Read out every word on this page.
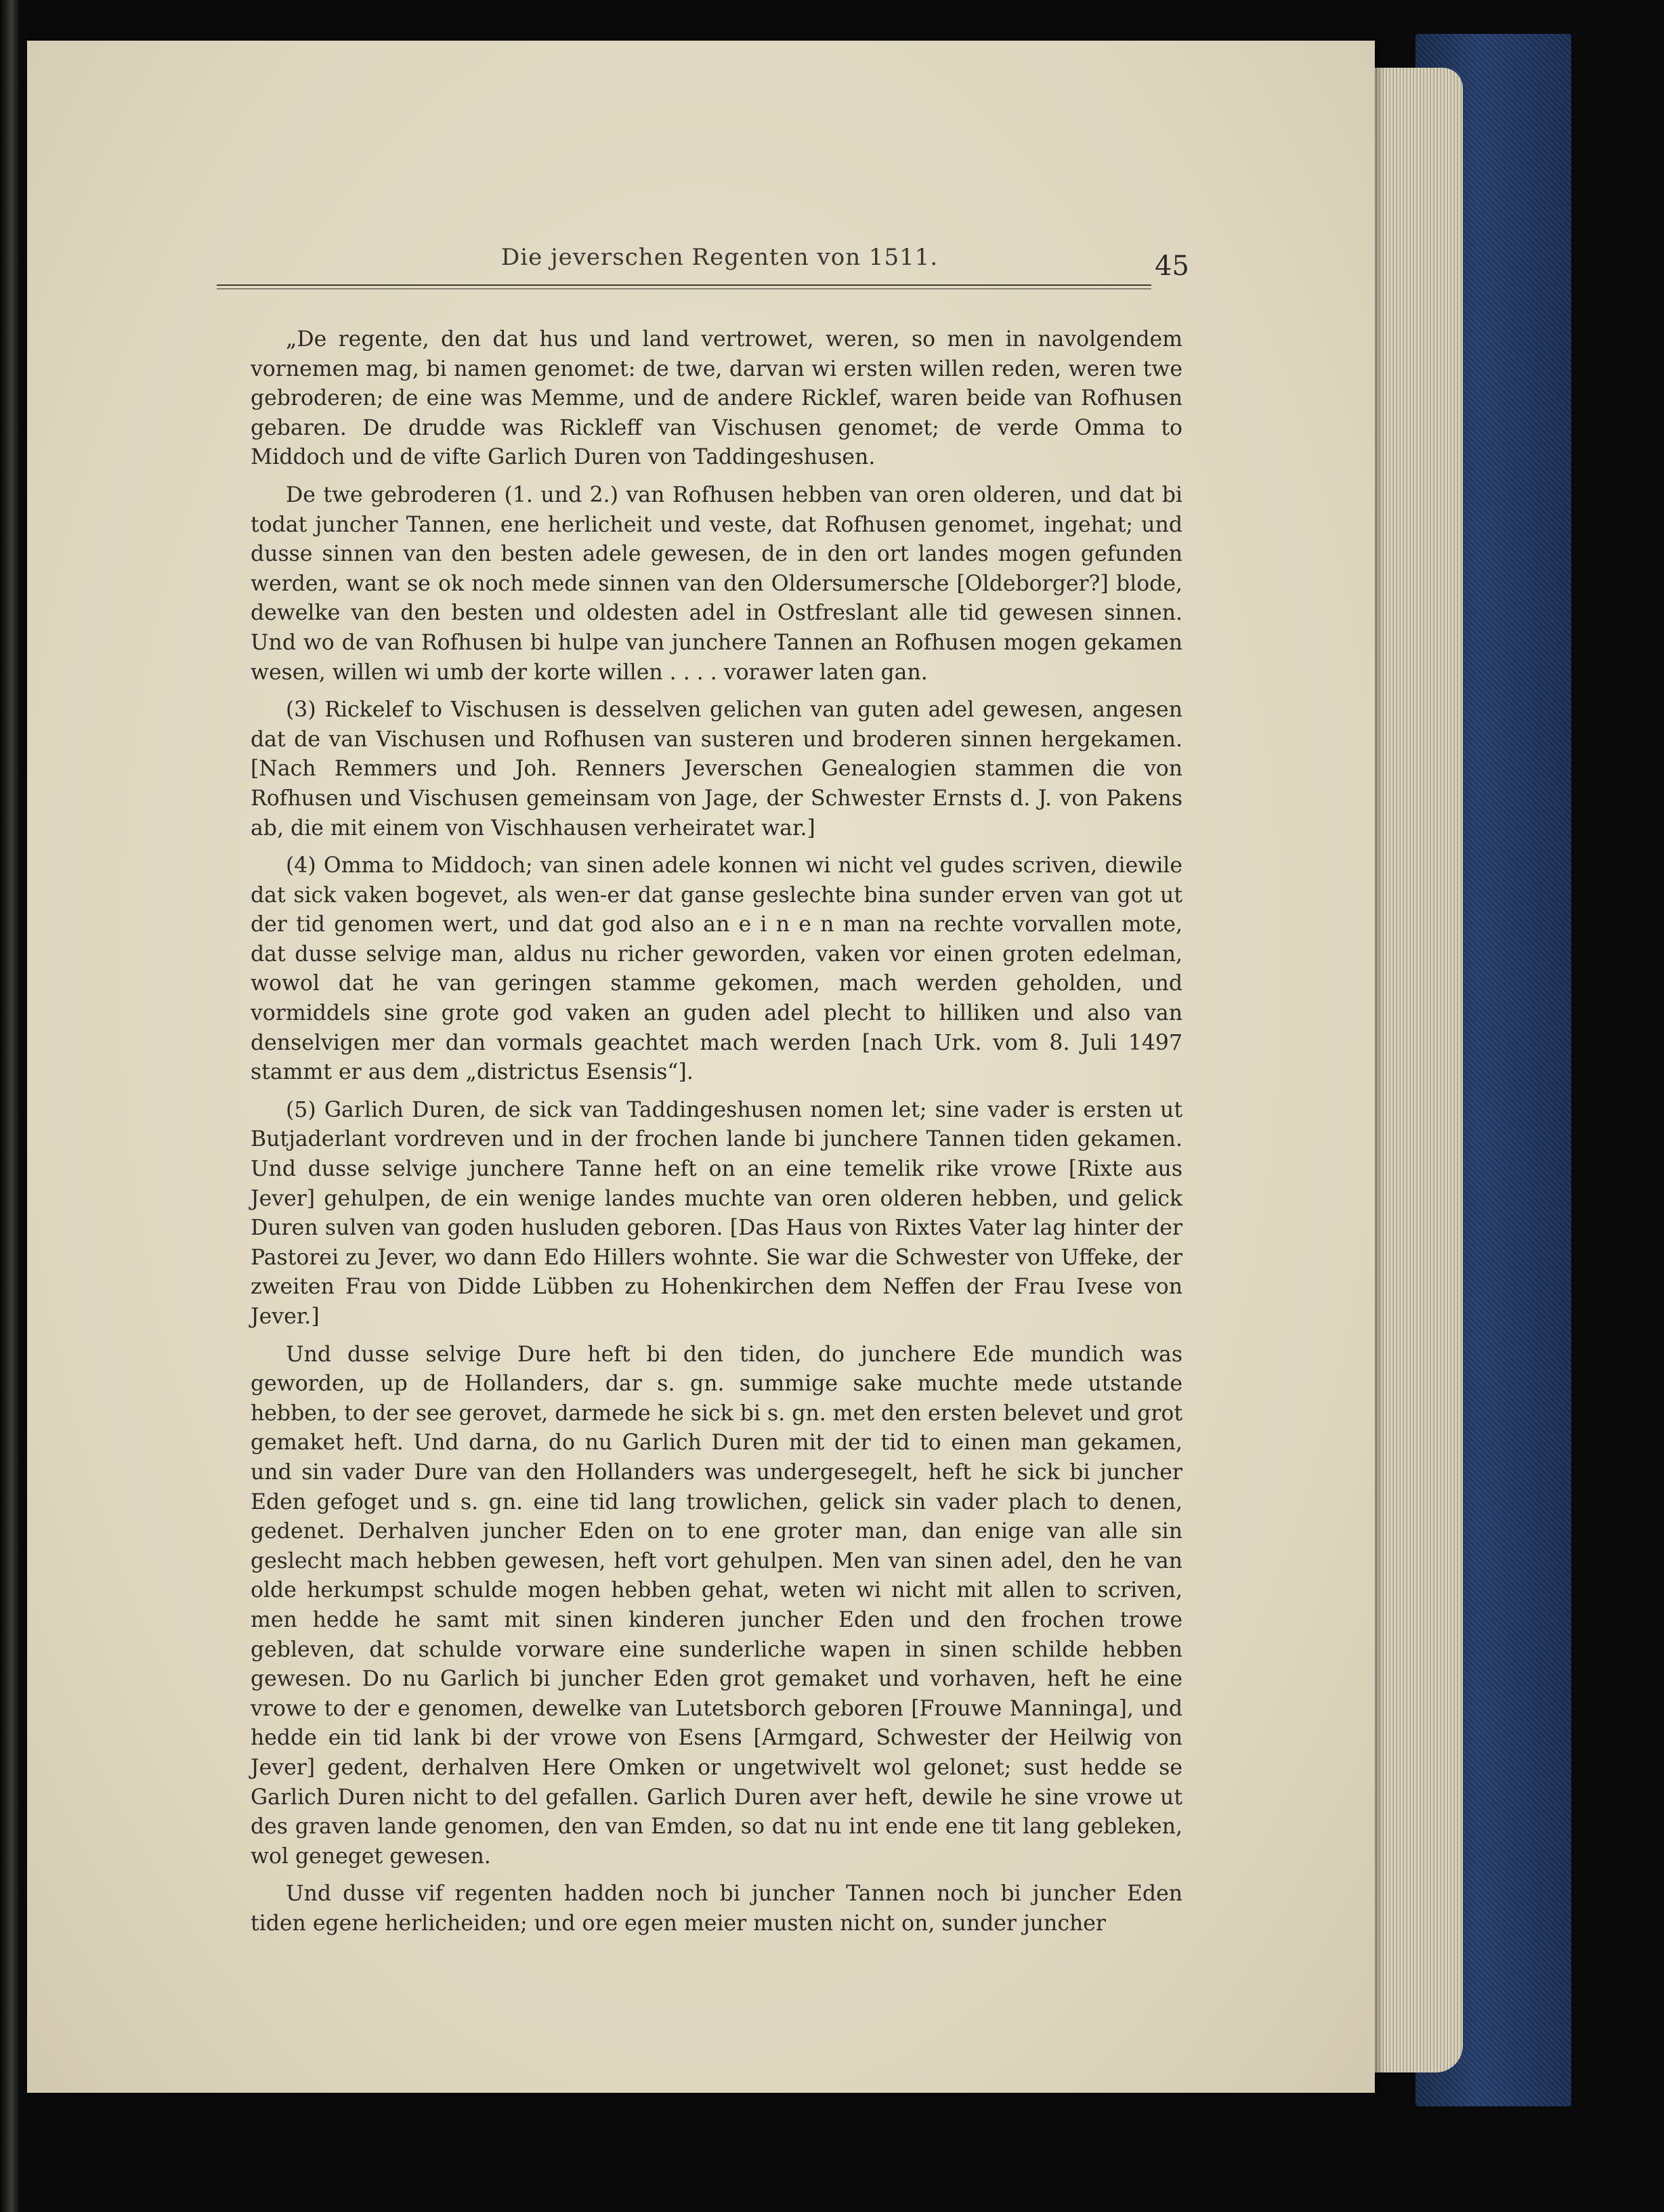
Die jeverschen Regenten von 1511.	45

„De regente, den dat hus und land vertrowet, weren, so men in navolgendem vornemen mag, bi namen genomet: de twe, darvan wi ersten willen reden, weren twe gebroderen; de eine was Memme, und de andere Ricklef, waren beide van Rofhusen gebaren. De drudde was Rickleff van Vischusen genomet; de verde Omma to Middoch und de vifte Garlich Duren von Taddingeshusen.

De twe gebroderen (1. und 2.) van Rofhusen hebben van oren olderen, und dat bi todat juncher Tannen, ene herlicheit und veste, dat Rofhusen genomet, ingehat; und dusse sinnen van den besten adele gewesen, de in den ort landes mogen gefunden werden, want se ok noch mede sinnen van den Oldersumersche [Oldeborger?] blode, dewelke van den besten und oldesten adel in Ostfreslant alle tid gewesen sinnen. Und wo de van Rofhusen bi hulpe van junchere Tannen an Rofhusen mogen gekamen wesen, willen wi umb der korte willen . . . . vorawer laten gan.

(3) Rickelef to Vischusen is desselven gelichen van guten adel gewesen, angesen dat de van Vischusen und Rofhusen van susteren und broderen sinnen hergekamen. [Nach Remmers und Joh. Renners Jeverschen Genealogien stammen die von Rofhusen und Vischusen gemeinsam von Jage, der Schwester Ernsts d. J. von Pakens ab, die mit einem von Vischhausen verheiratet war.]

(4) Omma to Middoch; van sinen adele konnen wi nicht vel gudes scriven, diewile dat sick vaken bogevet, als wen-er dat ganse geslechte bina sunder erven van got ut der tid genomen wert, und dat god also an e i n e n man na rechte vorvallen mote, dat dusse selvige man, aldus nu richer geworden, vaken vor einen groten edelman, wowol dat he van geringen stamme gekomen, mach werden geholden, und vormiddels sine grote god vaken an guden adel plecht to hilliken und also van denselvigen mer dan vormals geachtet mach werden [nach Urk. vom 8. Juli 1497 stammt er aus dem „districtus Esensis“].

(5) Garlich Duren, de sick van Taddingeshusen nomen let; sine vader is ersten ut Butjaderlant vordreven und in der frochen lande bi junchere Tannen tiden gekamen. Und dusse selvige junchere Tanne heft on an eine temelik rike vrowe [Rixte aus Jever] gehulpen, de ein wenige landes muchte van oren olderen hebben, und gelick Duren sulven van goden husluden geboren. [Das Haus von Rixtes Vater lag hinter der Pastorei zu Jever, wo dann Edo Hillers wohnte. Sie war die Schwester von Uffeke, der zweiten Frau von Didde Lübben zu Hohenkirchen dem Neffen der Frau Ivese von Jever.]

Und dusse selvige Dure heft bi den tiden, do junchere Ede mundich was geworden, up de Hollanders, dar s. gn. summige sake muchte mede utstande hebben, to der see gerovet, darmede he sick bi s. gn. met den ersten belevet und grot gemaket heft. Und darna, do nu Garlich Duren mit der tid to einen man gekamen, und sin vader Dure van den Hollanders was undergesegelt, heft he sick bi juncher Eden gefoget und s. gn. eine tid lang trowlichen, gelick sin vader plach to denen, gedenet. Derhalven juncher Eden on to ene groter man, dan enige van alle sin geslecht mach hebben gewesen, heft vort gehulpen. Men van sinen adel, den he van olde herkumpst schulde mogen hebben gehat, weten wi nicht mit allen to scriven, men hedde he samt mit sinen kinderen juncher Eden und den frochen trowe gebleven, dat schulde vorware eine sunderliche wapen in sinen schilde hebben gewesen. Do nu Garlich bi juncher Eden grot gemaket und vorhaven, heft he eine vrowe to der e genomen, dewelke van Lutetsborch geboren [Frouwe Manninga], und hedde ein tid lank bi der vrowe von Esens [Armgard, Schwester der Heilwig von Jever] gedent, derhalven Here Omken or ungetwivelt wol gelonet; sust hedde se Garlich Duren nicht to del gefallen. Garlich Duren aver heft, dewile he sine vrowe ut des graven lande genomen, den van Emden, so dat nu int ende ene tit lang gebleken, wol geneget gewesen.

Und dusse vif regenten hadden noch bi juncher Tannen noch bi juncher Eden tiden egene herlicheiden; und ore egen meier musten nicht on, sunder juncher
